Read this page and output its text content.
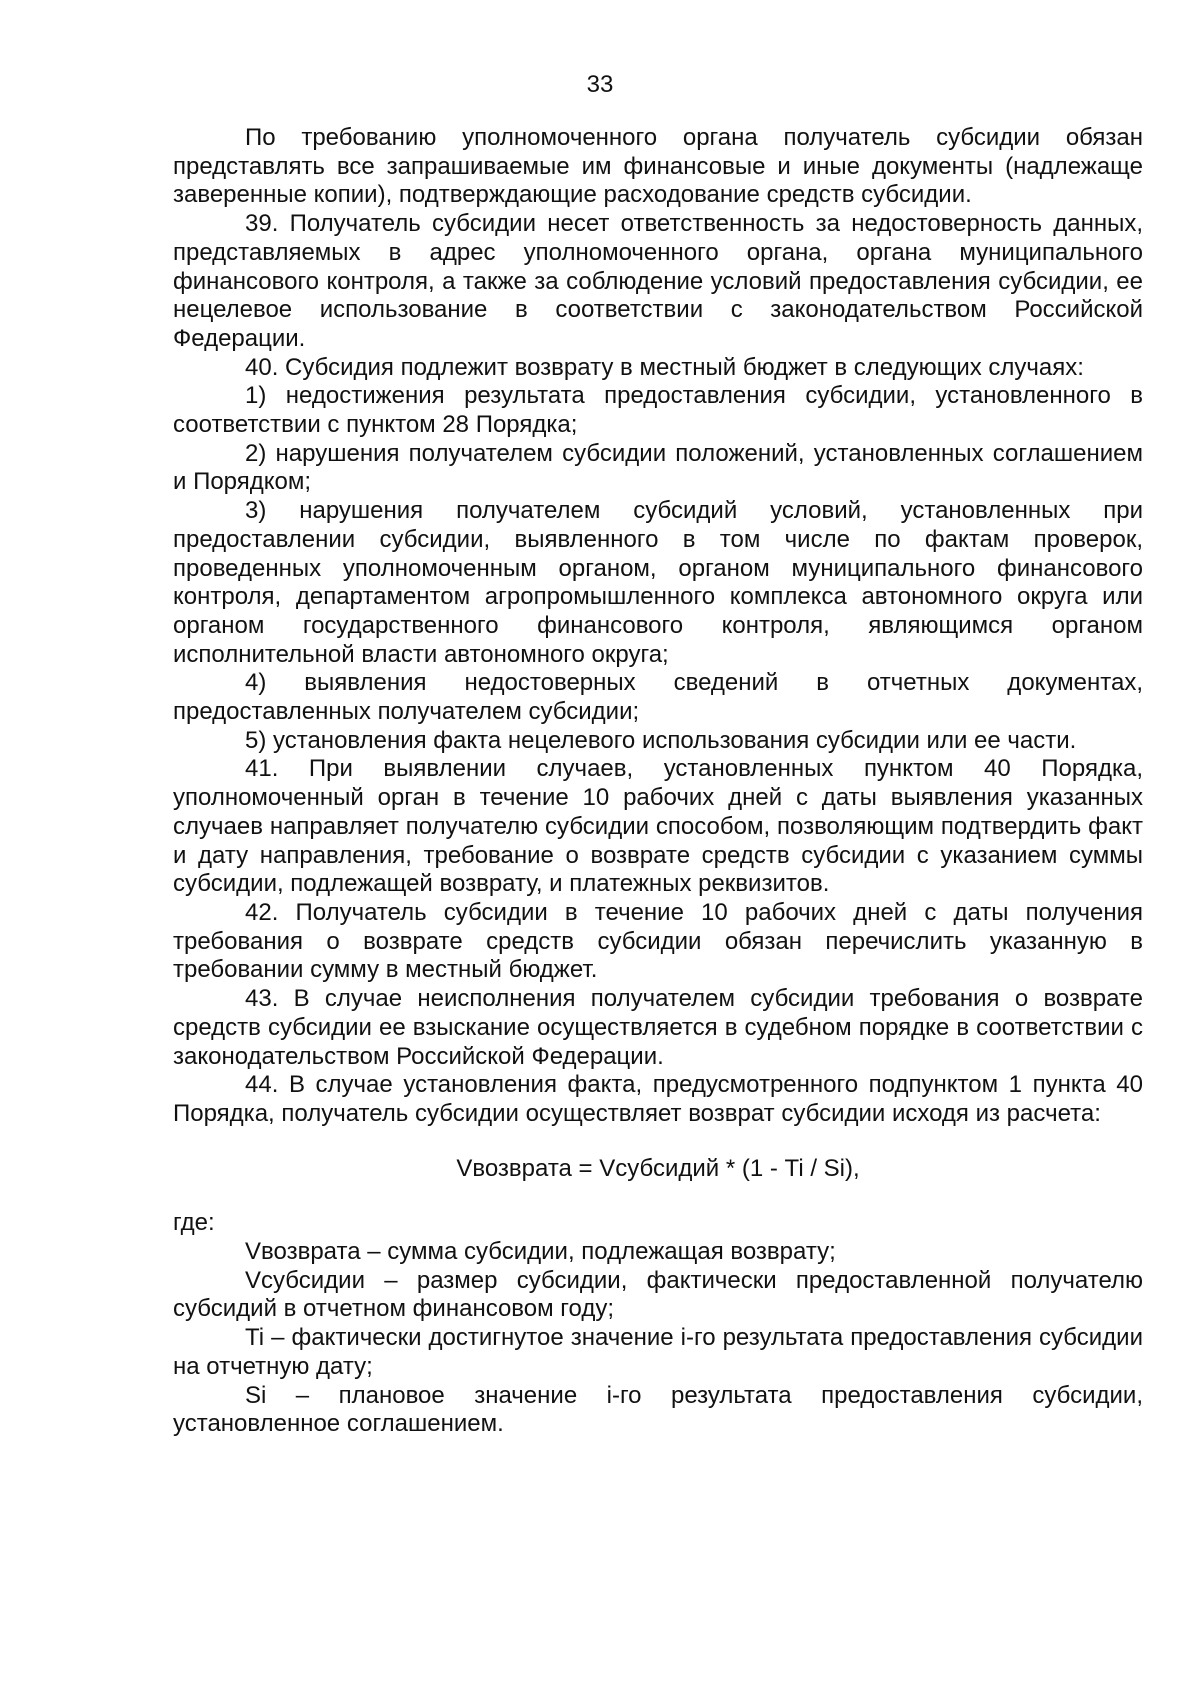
33

По требованию уполномоченного органа получатель субсидии обязан представлять все запрашиваемые им финансовые и иные документы (надлежаще заверенные копии), подтверждающие расходование средств субсидии.

39. Получатель субсидии несет ответственность за недостоверность данных, представляемых в адрес уполномоченного органа, органа муниципального финансового контроля, а также за соблюдение условий предоставления субсидии, ее нецелевое использование в соответствии с законодательством Российской Федерации.

40. Субсидия подлежит возврату в местный бюджет в следующих случаях:

1) недостижения результата предоставления субсидии, установленного в соответствии с пунктом 28 Порядка;

2) нарушения получателем субсидии положений, установленных соглашением и Порядком;

3) нарушения получателем субсидий условий, установленных при предоставлении субсидии, выявленного в том числе по фактам проверок, проведенных уполномоченным органом, органом муниципального финансового контроля, департаментом агропромышленного комплекса автономного округа или органом государственного финансового контроля, являющимся органом исполнительной власти автономного округа;

4) выявления недостоверных сведений в отчетных документах, предоставленных получателем субсидии;

5) установления факта нецелевого использования субсидии или ее части.

41. При выявлении случаев, установленных пунктом 40 Порядка, уполномоченный орган в течение 10 рабочих дней с даты выявления указанных случаев направляет получателю субсидии способом, позволяющим подтвердить факт и дату направления, требование о возврате средств субсидии с указанием суммы субсидии, подлежащей возврату, и платежных реквизитов.

42. Получатель субсидии в течение 10 рабочих дней с даты получения требования о возврате средств субсидии обязан перечислить указанную в требовании сумму в местный бюджет.

43. В случае неисполнения получателем субсидии требования о возврате средств субсидии ее взыскание осуществляется в судебном порядке в соответствии с законодательством Российской Федерации.

44. В случае установления факта, предусмотренного подпунктом 1 пункта 40 Порядка, получатель субсидии осуществляет возврат субсидии исходя из расчета:

Vвозврата = Vсубсидий * (1 - Ti / Si),

где:

Vвозврата – сумма субсидии, подлежащая возврату;

Vсубсидии – размер субсидии, фактически предоставленной получателю субсидий в отчетном финансовом году;

Ti – фактически достигнутое значение i-го результата предоставления субсидии на отчетную дату;

Si – плановое значение i-го результата предоставления субсидии, установленное соглашением.
